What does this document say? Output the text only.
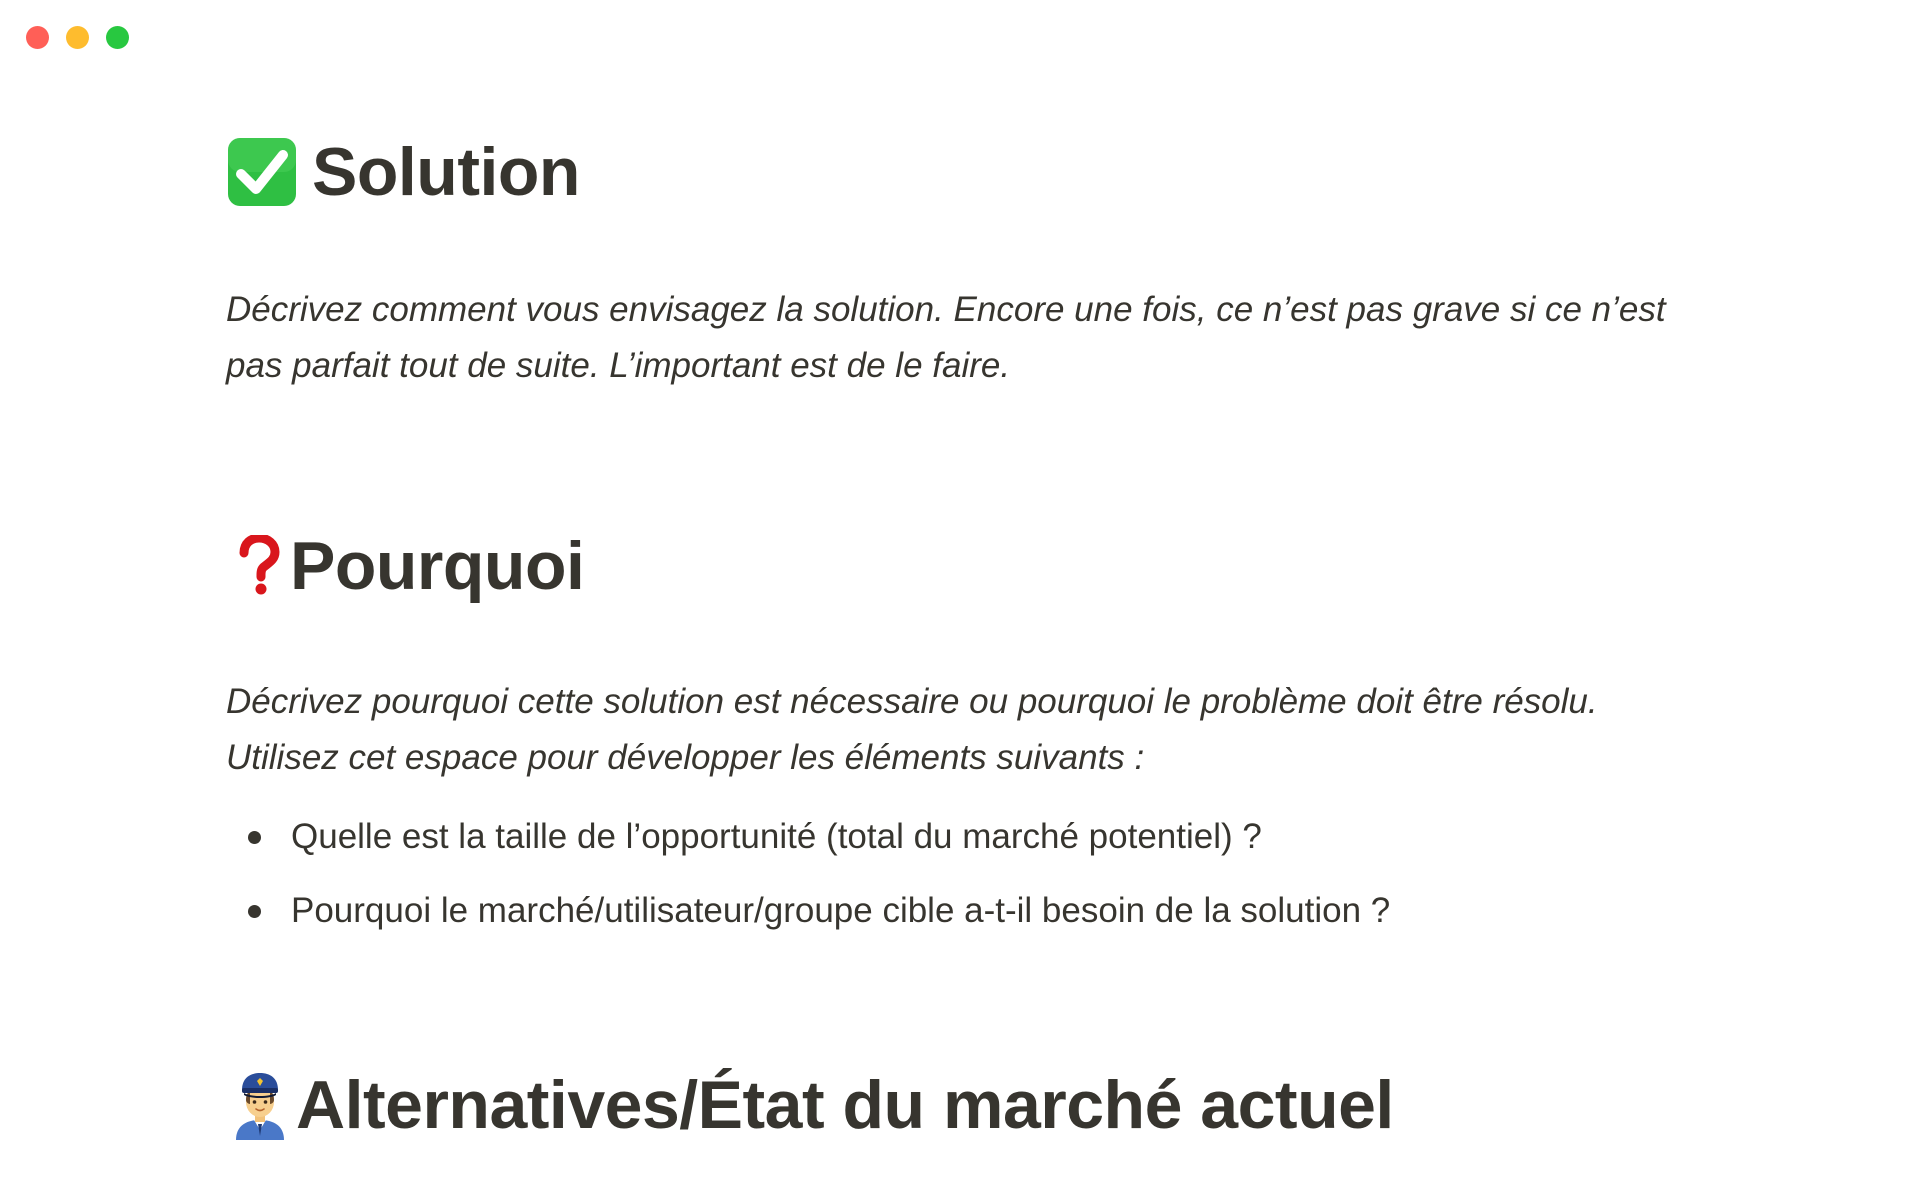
Solution
Décrivez comment vous envisagez la solution. Encore une fois, ce n’est pas grave si ce n’est
pas parfait tout de suite. L’important est de le faire.
Pourquoi
Décrivez pourquoi cette solution est nécessaire ou pourquoi le problème doit être résolu.
Utilisez cet espace pour développer les éléments suivants :
Quelle est la taille de l’opportunité (total du marché potentiel) ?
Pourquoi le marché/utilisateur/groupe cible a-t-il besoin de la solution ?
Alternatives/État du marché actuel
